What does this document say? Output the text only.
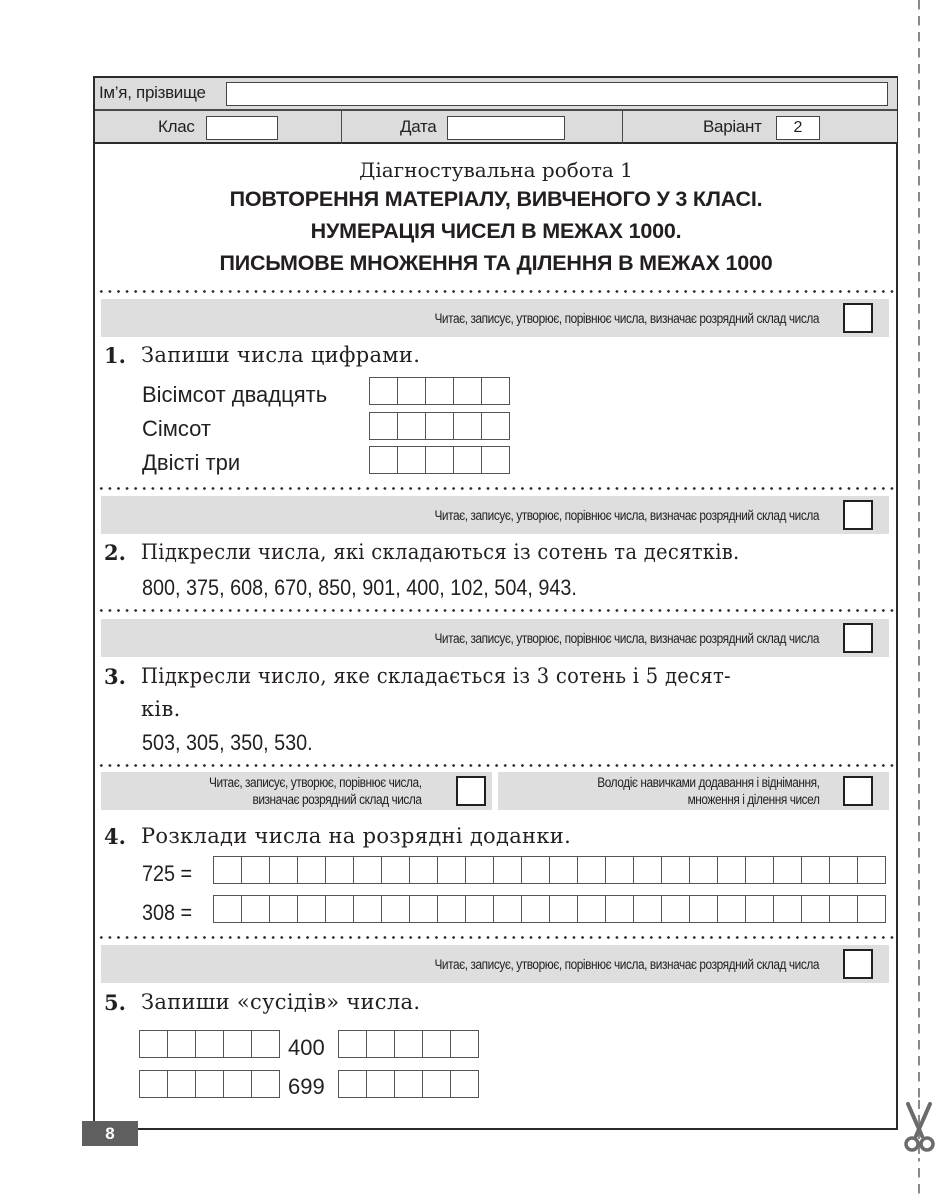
Ім’я, прізвище
Клас	Дата	Варіант	2
Діагностувальна робота 1
ПОВТОРЕННЯ МАТЕРІАЛУ, ВИВЧЕНОГО У 3 КЛАСІ.
НУМЕРАЦІЯ ЧИСЕЛ В МЕЖАХ 1000.
ПИСЬМОВЕ МНОЖЕННЯ ТА ДІЛЕННЯ В МЕЖАХ 1000
Читає, записує, утворює, порівнює числа, визначає розрядний склад числа
1. Запиши числа цифрами.
Вісімсот двадцять
Сімсот
Двісті три
Читає, записує, утворює, порівнює числа, визначає розрядний склад числа
2. Підкресли числа, які складаються із сотень та десятків.
800, 375, 608, 670, 850, 901, 400, 102, 504, 943.
Читає, записує, утворює, порівнює числа, визначає розрядний склад числа
3. Підкресли число, яке складається із 3 сотень і 5 десят-
ків.
503, 305, 350, 530.
Читає, записує, утворює, порівнює числа,
визначає розрядний склад числа
Володіє навичками додавання і віднімання,
множення і ділення чисел
4. Розклади числа на розрядні доданки.
725 =
308 =
Читає, записує, утворює, порівнює числа, визначає розрядний склад числа
5. Запиши «сусідів» числа.
400
699
8
